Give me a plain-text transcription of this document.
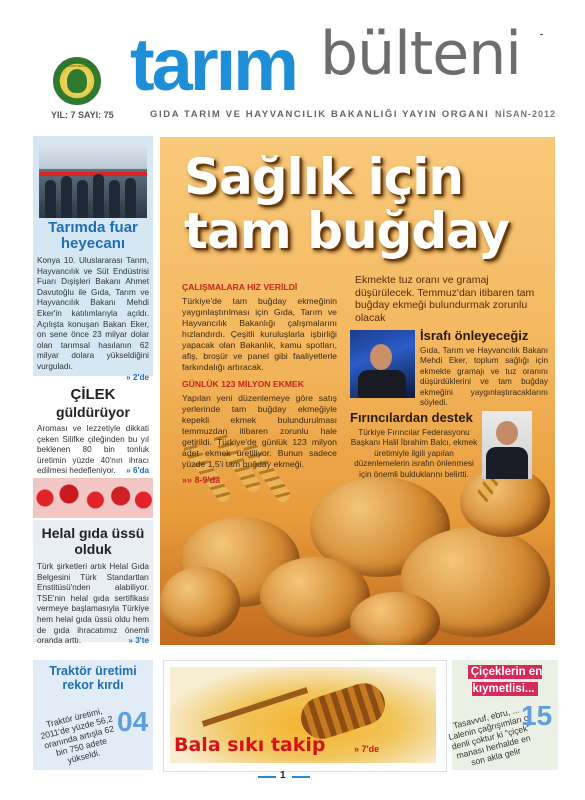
T.C. GIDA TARIM VE HAYVANCILIK BAKANLIĞI tarım bülteni
YIL: 7 SAYI: 75	GIDA TARIM VE HAYVANCILIK BAKANLIĞI YAYIN ORGANI NİSAN-2012
Tarımda fuar heyecanı
Konya 10. Uluslararası Tarım, Hayvancılık ve Süt Endüstrisi Fuarı Dışişleri Bakanı Ahmet Davutoğlu ile Gıda, Tarım ve Hayvancılık Bakanı Mehdi Eker'in katılımlarıyla açıldı. Açılışta konuşan Bakan Eker, on sene önce 23 milyar dolar olan tarımsal hasılanın 62 milyar dolara yükseldiğini vurguladı.
» 2'de
ÇİLEK
güldürüyor
Aroması ve lezzetiyle dikkati çeken Silifke çileğinden bu yıl beklenen 80 bin tonluk üretimin yüzde 40'nın ihracı edilmesi hedefleniyor.	» 6'da
Helal gıda üssü olduk
Türk şirketleri artık Helal Gıda Belgesini Türk Standartları Enstitüsü'nden alabiliyor. TSE'nin helal gıda sertifikası vermeye başlamasıyla Türkiye hem helal gıda üssü oldu hem de gıda ihracatımız önemli oranda arttı.	» 3'te
Sağlık için
tam buğday
Ekmekte tuz oranı ve gramaj düşürülecek. Temmuz'dan itibaren tam buğday ekmeği bulundurmak zorunlu olacak
ÇALIŞMALARA HIZ VERİLDİ
Türkiye'de tam buğday ekmeğinin yaygınlaştırılması için Gıda, Tarım ve Hayvancılık Bakanlığı çalışmalarını hızlandırdı. Çeşitli kuruluşlarla işbirliği yapacak olan Bakanlık, kamu spotları, afiş, broşür ve panel gibi faaliyetlerle farkındalığı artıracak.
GÜNLÜK 123 MİLYON EKMEK
Yapılan yeni düzenlemeye göre satış yerlerinde tam buğday ekmeğiyle kepekli ekmek bulundurulması temmuzdan itibaren zorunlu hale getirildi. Türkiye'de günlük 123 milyon adet ekmek üretiliyor. Bunun sadece yüzde 1,5'i tam buğday ekmeği.
»» 8-9'da
İsrafı önleyeceğiz
Gıda, Tarım ve Hayvancılık Bakanı Mehdi Eker, toplum sağlığı için ekmekte gramajı ve tuz oranını düşürdüklerini ve tam buğday ekmeğini yaygınlaştıracaklarını söyledi.
Fırıncılardan destek
Türkiye Fırıncılar Federasyonu Başkanı Halil İbrahim Balcı, ekmek üretimiyle ilgili yapılan düzenlemelerin israfın önlenmesi için önemli bulduklarını belirtti.
Traktör üretimi rekor kırdı
Traktör üretimi, 2011'de yüzde 56,2 oranında artışla 62 bin 750 adete yükseldi.
04
Bala sıkı takip	» 7'de
Çiçeklerin en kıymetlisi...
Tasavvuf, ebru, ... Lalenin çağrışımları o denli çoktur ki "çiçek" manası herhalde en son akla gelir
15
1
